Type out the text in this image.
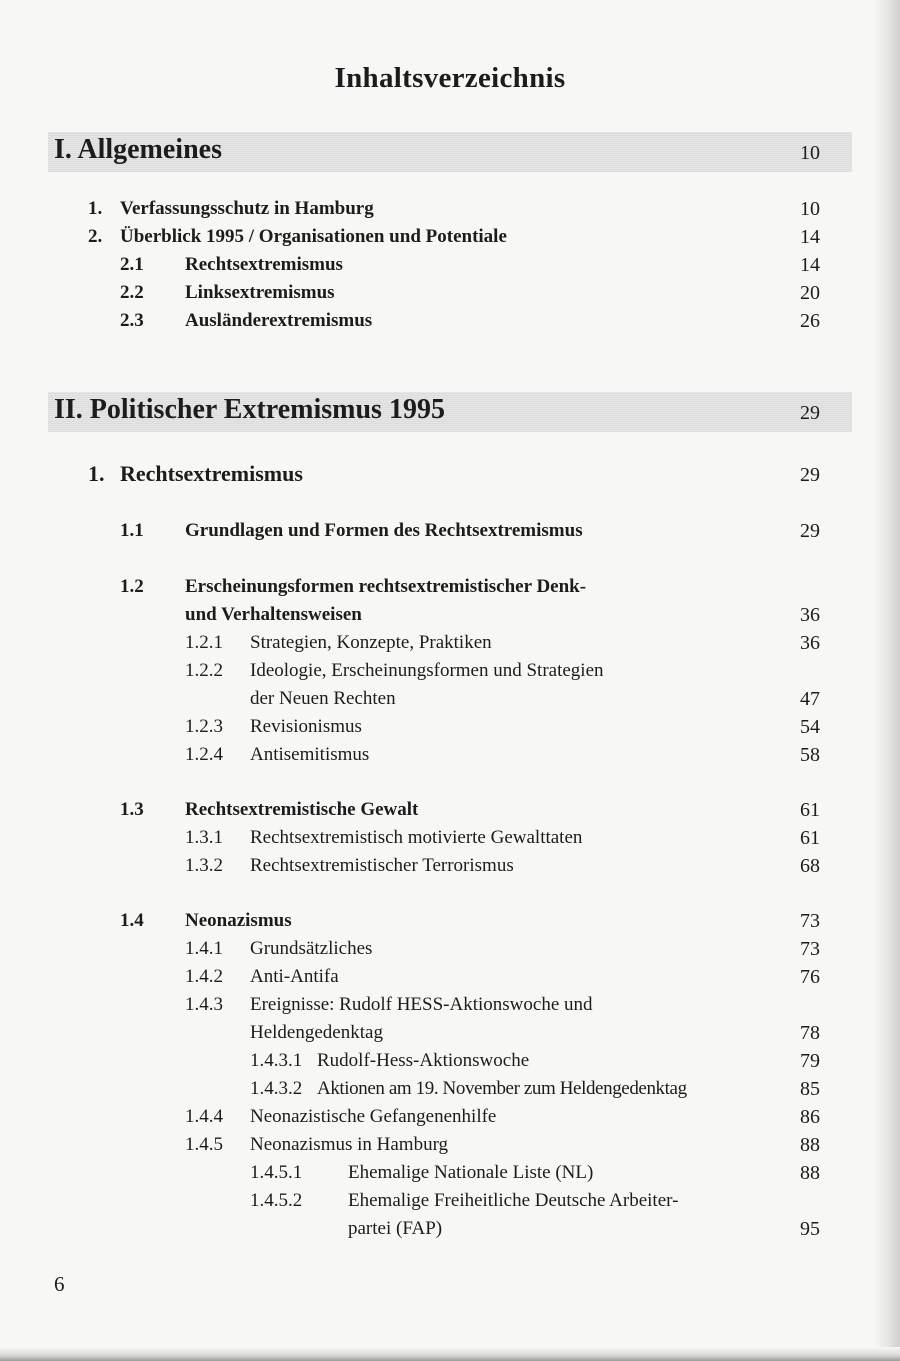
Inhaltsverzeichnis
I. Allgemeines	10
1. Verfassungsschutz in Hamburg	10
2. Überblick 1995 / Organisationen und Potentiale	14
2.1 Rechtsextremismus	14
2.2 Linksextremismus	20
2.3 Ausländerextremismus	26
II. Politischer Extremismus 1995	29
1. Rechtsextremismus	29
1.1 Grundlagen und Formen des Rechtsextremismus	29
1.2 Erscheinungsformen rechtsextremistischer Denk-
und Verhaltensweisen	36
1.2.1 Strategien, Konzepte, Praktiken	36
1.2.2 Ideologie, Erscheinungsformen und Strategien
der Neuen Rechten	47
1.2.3 Revisionismus	54
1.2.4 Antisemitismus	58
1.3 Rechtsextremistische Gewalt	61
1.3.1 Rechtsextremistisch motivierte Gewalttaten	61
1.3.2 Rechtsextremistischer Terrorismus	68
1.4 Neonazismus	73
1.4.1 Grundsätzliches	73
1.4.2 Anti-Antifa	76
1.4.3 Ereignisse: Rudolf HESS-Aktionswoche und
Heldengedenktag	78
1.4.3.1 Rudolf-Hess-Aktionswoche	79
1.4.3.2 Aktionen am 19. November zum Heldengedenktag	85
1.4.4 Neonazistische Gefangenenhilfe	86
1.4.5 Neonazismus in Hamburg	88
1.4.5.1 Ehemalige Nationale Liste (NL)	88
1.4.5.2 Ehemalige Freiheitliche Deutsche Arbeiter-
partei (FAP)	95
6
